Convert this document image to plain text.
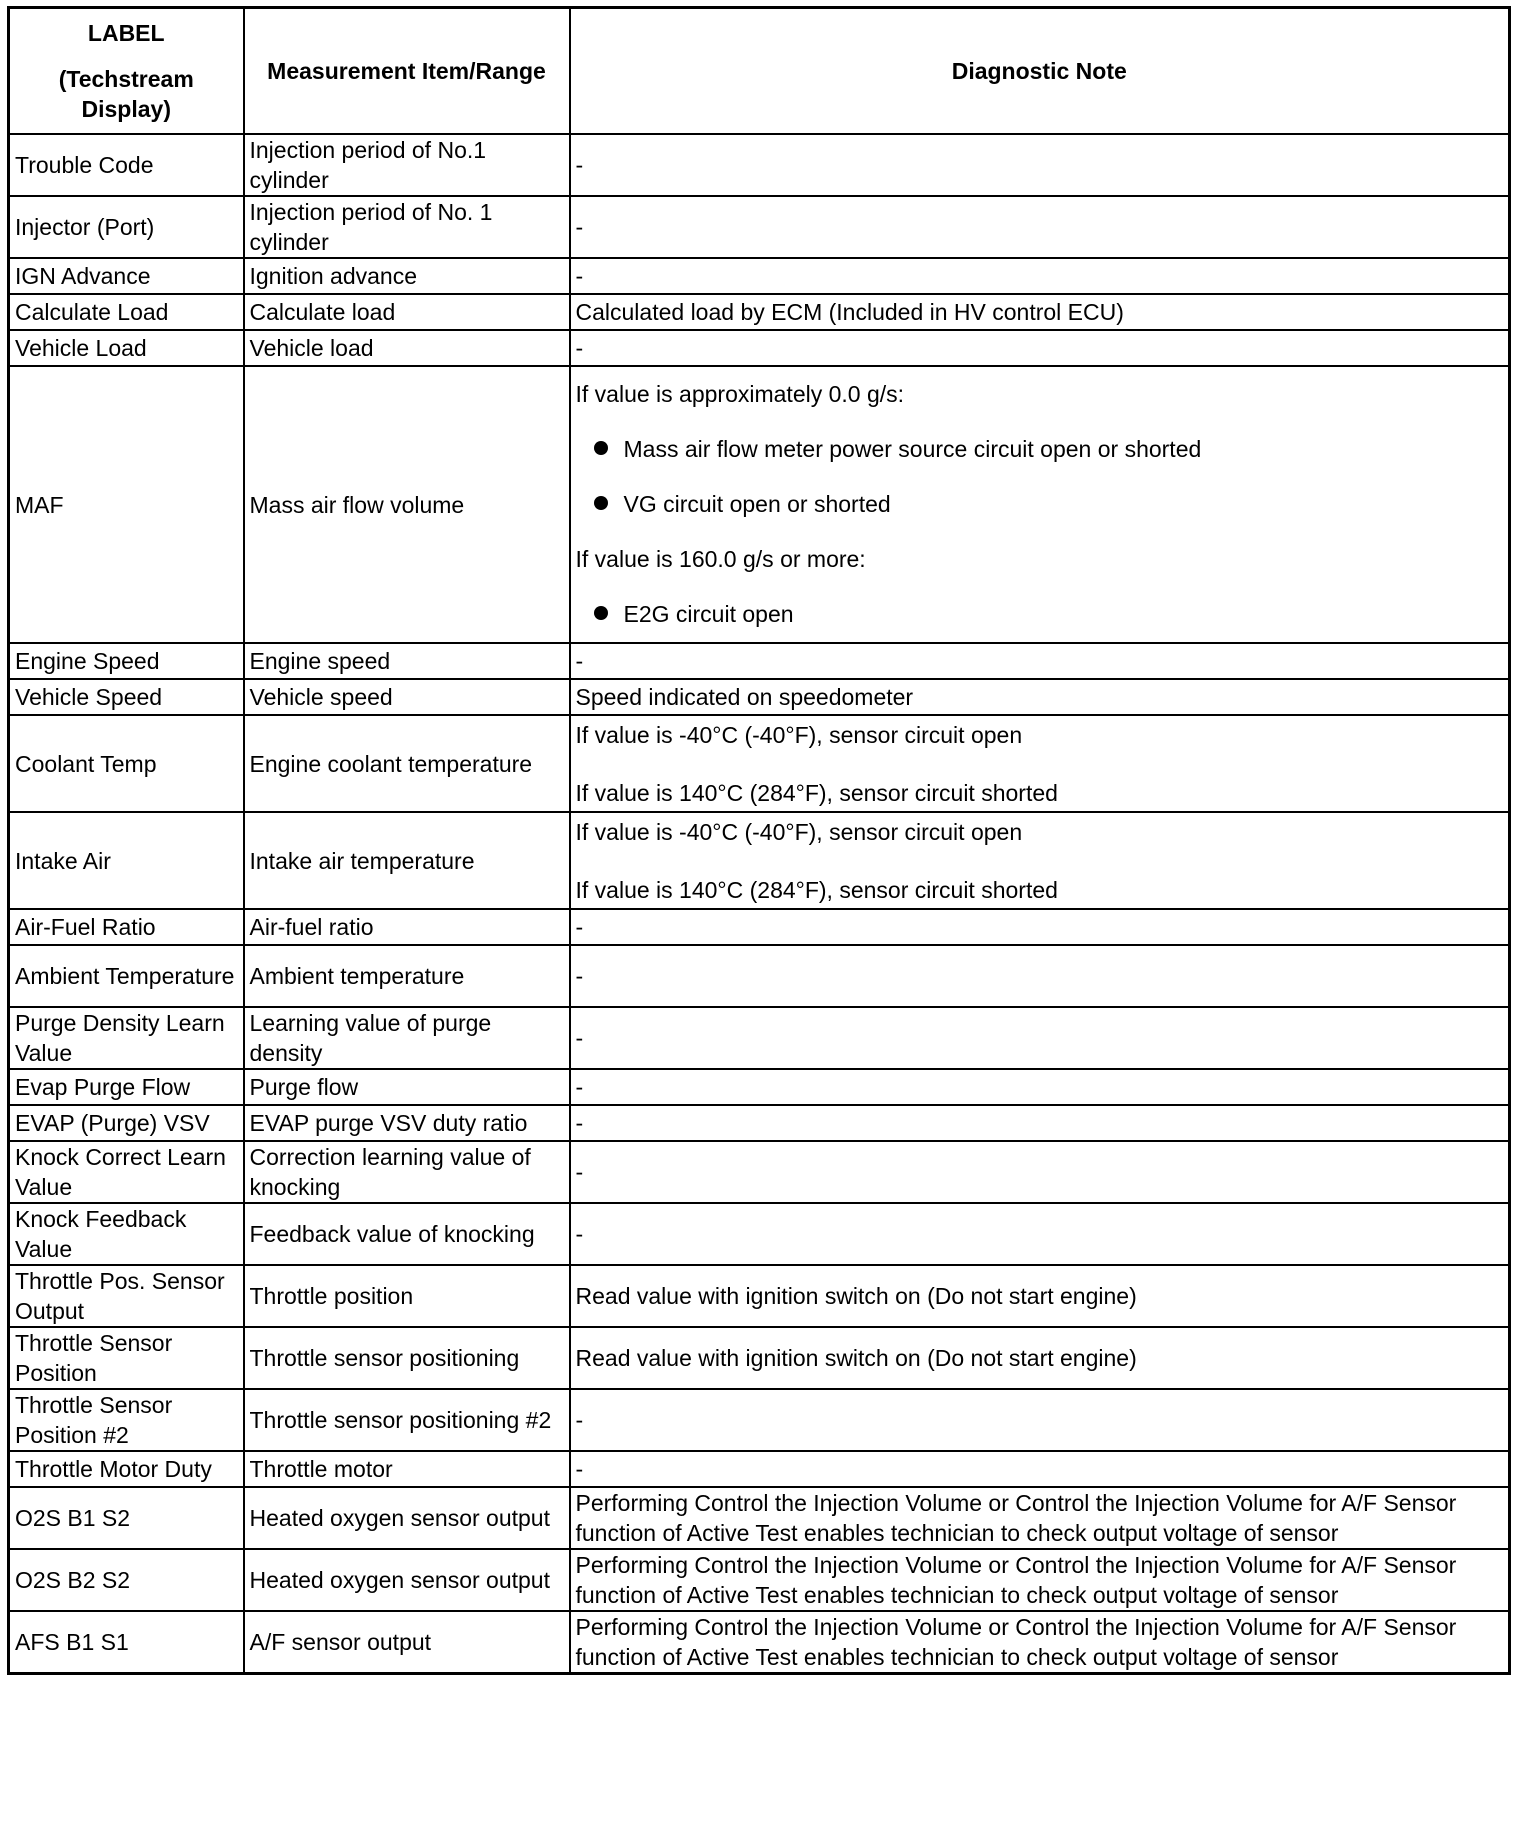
LABEL
(Techstream
Display)	Measurement Item/Range	Diagnostic Note
Trouble Code	Injection period of No.1 cylinder	-
Injector (Port)	Injection period of No. 1 cylinder	-
IGN Advance	Ignition advance	-
Calculate Load	Calculate load	Calculated load by ECM (Included in HV control ECU)
Vehicle Load	Vehicle load	-
MAF	Mass air flow volume	If value is approximately 0.0 g/s:
Mass air flow meter power source circuit open or shorted
VG circuit open or shorted
If value is 160.0 g/s or more:
E2G circuit open

Engine Speed	Engine speed	-
Vehicle Speed	Vehicle speed	Speed indicated on speedometer
Coolant Temp	Engine coolant temperature	If value is -40°C (-40°F), sensor circuit open
If value is 140°C (284°F), sensor circuit shorted

Intake Air	Intake air temperature	If value is -40°C (-40°F), sensor circuit open
If value is 140°C (284°F), sensor circuit shorted

Air-Fuel Ratio	Air-fuel ratio	-
Ambient Temperature	Ambient temperature	-
Purge Density Learn Value	Learning value of purge density	-
Evap Purge Flow	Purge flow	-
EVAP (Purge) VSV	EVAP purge VSV duty ratio	-
Knock Correct Learn Value	Correction learning value of knocking	-
Knock Feedback Value	Feedback value of knocking	-
Throttle Pos. Sensor Output	Throttle position	Read value with ignition switch on (Do not start engine)
Throttle Sensor Position	Throttle sensor positioning	Read value with ignition switch on (Do not start engine)
Throttle Sensor Position #2	Throttle sensor positioning #2	-
Throttle Motor Duty	Throttle motor	-
O2S B1 S2	Heated oxygen sensor output	Performing Control the Injection Volume or Control the Injection Volume for A/F Sensor function of Active Test enables technician to check output voltage of sensor
O2S B2 S2	Heated oxygen sensor output	Performing Control the Injection Volume or Control the Injection Volume for A/F Sensor function of Active Test enables technician to check output voltage of sensor
AFS B1 S1	A/F sensor output	Performing Control the Injection Volume or Control the Injection Volume for A/F Sensor function of Active Test enables technician to check output voltage of sensor
